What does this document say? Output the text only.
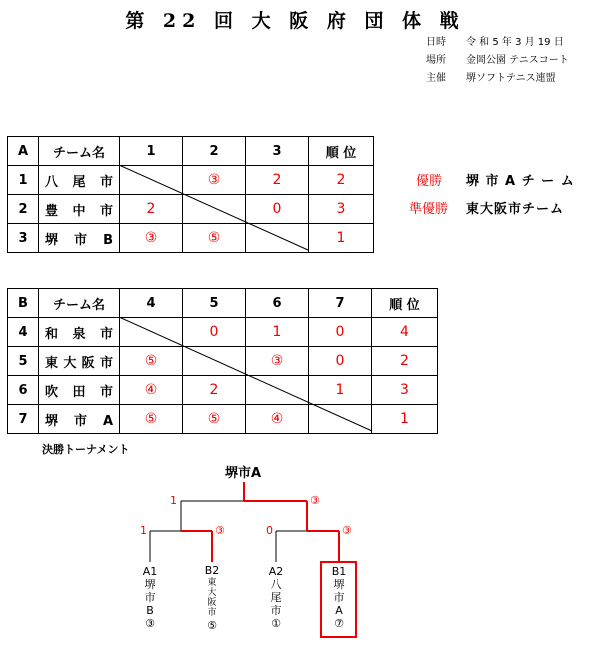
第 22 回 大 阪 府 団 体 戦
日時 令 和 5 年 3 月 19 日
場所 金岡公園 テニスコート
主催 堺ソフトテニス連盟
A	チーム名	1	2	3	順 位
1	八　尾　市		③	2	2
2	豊　中　市	2		0	3
3	堺　市　B	③	⑤		1
優勝 堺 市 A チ ー ム
準優勝 東大阪市チーム
B	チーム名	4	5	6	7	順 位
4	和　泉　市		0	1	0	4
5	東大阪市	⑤		③	0	2
6	吹　田　市	④	2		1	3
7	堺　市　A	⑤	⑤	④		1
決勝トーナメント
堺市A
1	③
1	③	0	③
A1
堺
市
B
③
B2
東
大
阪
市
⑤
A2
八
尾
市
①
B1
堺
市
A
⑦
